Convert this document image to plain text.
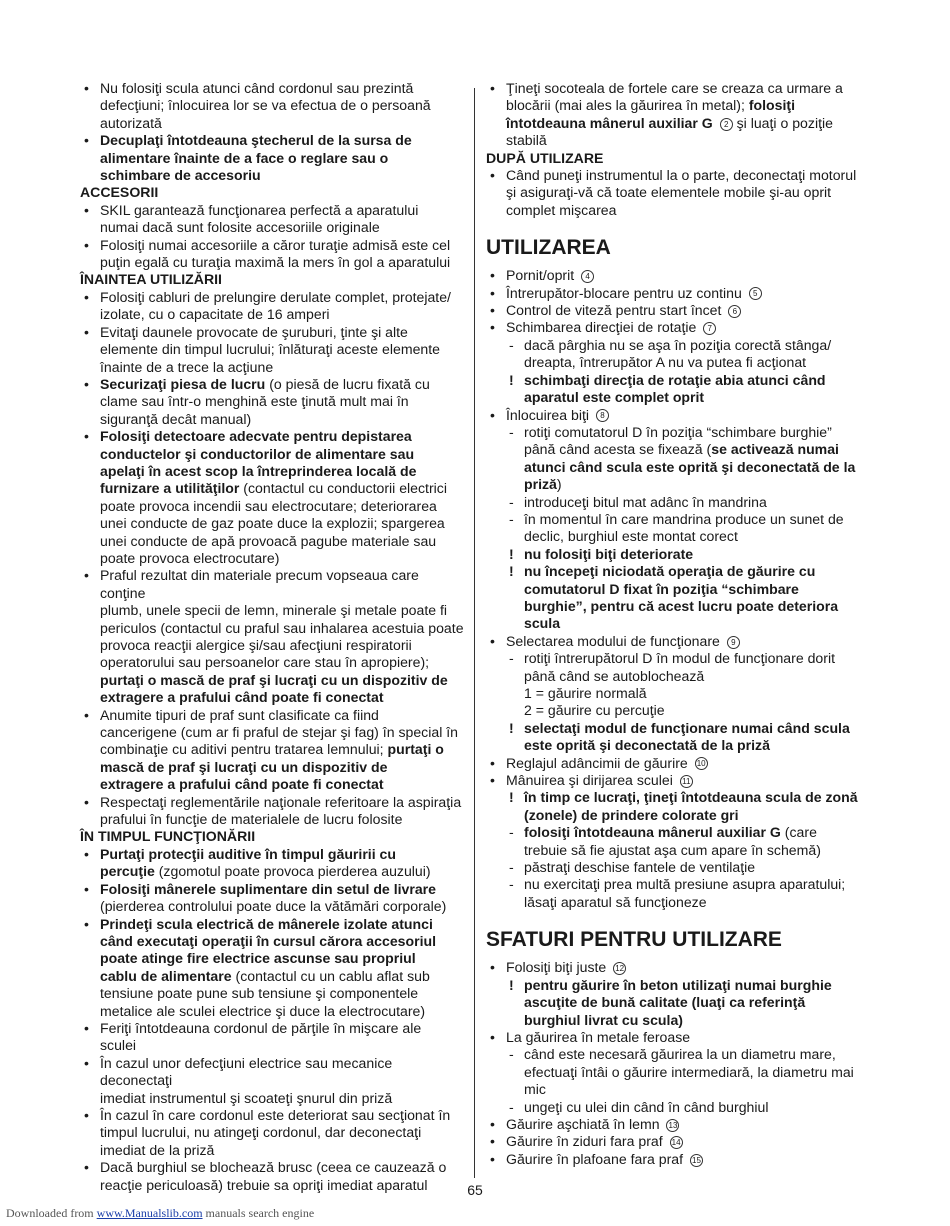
• Nu folosiţi scula atunci când cordonul sau prezintă
defecţiuni; înlocuirea lor se va efectua de o persoană
autorizată
• Decuplaţi întotdeauna ştecherul de la sursa de
alimentare înainte de a face o reglare sau o
schimbare de accesoriu
ACCESORII
• SKIL garantează funcţionarea perfectă a aparatului
numai dacă sunt folosite accesoriile originale
• Folosiţi numai accesoriile a căror turaţie admisă este cel
puţin egală cu turaţia maximă la mers în gol a aparatului
ÎNAINTEA UTILIZĂRII
• Folosiţi cabluri de prelungire derulate complet, protejate/
izolate, cu o capacitate de 16 amperi
• Evitaţi daunele provocate de şuruburi, ţinte şi alte
elemente din timpul lucrului; înlăturaţi aceste elemente
înainte de a trece la acţiune
• Securizaţi piesa de lucru (o piesă de lucru fixată cu
clame sau într-o menghină este ţinută mult mai în
siguranţă decât manual)
• Folosiţi detectoare adecvate pentru depistarea
conductelor şi conductorilor de alimentare sau
apelaţi în acest scop la întreprinderea locală de
furnizare a utilităţilor (contactul cu conductorii electrici
poate provoca incendii sau electrocutare; deteriorarea
unei conducte de gaz poate duce la explozii; spargerea
unei conducte de apă provoacă pagube materiale sau
poate provoca electrocutare)
• Praful rezultat din materiale precum vopseaua care conţine
plumb, unele specii de lemn, minerale şi metale poate fi
periculos (contactul cu praful sau inhalarea acestuia poate
provoca reacţii alergice şi/sau afecţiuni respiratorii
operatorului sau persoanelor care stau în apropiere);
purtaţi o mască de praf şi lucraţi cu un dispozitiv de
extragere a prafului când poate fi conectat
• Anumite tipuri de praf sunt clasificate ca fiind
cancerigene (cum ar fi praful de stejar şi fag) în special în
combinaţie cu aditivi pentru tratarea lemnului; purtaţi o
mască de praf şi lucraţi cu un dispozitiv de
extragere a prafului când poate fi conectat
• Respectaţi reglementările naţionale referitoare la aspiraţia
prafului în funcţie de materialele de lucru folosite
ÎN TIMPUL FUNCŢIONĂRII
• Purtaţi protecţii auditive în timpul găuririi cu
percuţie (zgomotul poate provoca pierderea auzului)
• Folosiţi mânerele suplimentare din setul de livrare
(pierderea controlului poate duce la vătămări corporale)
• Prindeţi scula electrică de mânerele izolate atunci
când executaţi operaţii în cursul cărora accesoriul
poate atinge fire electrice ascunse sau propriul
cablu de alimentare (contactul cu un cablu aflat sub
tensiune poate pune sub tensiune şi componentele
metalice ale sculei electrice şi duce la electrocutare)
• Feriţi întotdeauna cordonul de părţile în mişcare ale
sculei
• În cazul unor defecţiuni electrice sau mecanice deconectaţi
imediat instrumentul şi scoateţi şnurul din priză
• În cazul în care cordonul este deteriorat sau secţionat în
timpul lucrului, nu atingeţi cordonul, dar deconectaţi
imediat de la priză
• Dacă burghiul se blochează brusc (ceea ce cauzează o
reacţie periculoasă) trebuie sa opriţi imediat aparatul
• Ţineţi socoteala de fortele care se creaza ca urmare a
blocării (mai ales la găurirea în metal); folosiţi
întotdeauna mânerul auxiliar G 2 şi luaţi o poziţie
stabilă
DUPĂ UTILIZARE
• Când puneţi instrumentul la o parte, deconectaţi motorul
şi asiguraţi-vă că toate elementele mobile şi-au oprit
complet mişcarea
UTILIZAREA
• Pornit/oprit 4
• Întrerupător-blocare pentru uz continu 5
• Control de viteză pentru start încet 6
• Schimbarea direcţiei de rotaţie 7
- dacă pârghia nu se aşa în poziţia corectă stânga/
dreapta, întrerupător A nu va putea fi acţionat
! schimbaţi direcţia de rotaţie abia atunci când
aparatul este complet oprit
• Înlocuirea biţi 8
- rotiţi comutatorul D în poziţia “schimbare burghie”
până când acesta se fixează (se activează numai
atunci când scula este oprită şi deconectată de la
priză)
- introduceţi bitul mat adânc în mandrina
- în momentul în care mandrina produce un sunet de
declic, burghiul este montat corect
! nu folosiţi biţi deteriorate
! nu începeţi niciodată operaţia de găurire cu
comutatorul D fixat în poziţia “schimbare
burghie”, pentru că acest lucru poate deteriora
scula
• Selectarea modului de funcţionare 9
- rotiţi întrerupătorul D în modul de funcţionare dorit
până când se autoblochează
1 = găurire normală
2 = găurire cu percuţie
! selectaţi modul de funcţionare numai când scula
este oprită şi deconectată de la priză
• Reglajul adâncimii de găurire 10
• Mânuirea şi dirijarea sculei 11
! în timp ce lucraţi, ţineţi întotdeauna scula de zonă
(zonele) de prindere colorate gri
- folosiţi întotdeauna mânerul auxiliar G (care
trebuie să fie ajustat aşa cum apare în schemă)
- păstraţi deschise fantele de ventilaţie
- nu exercitaţi prea multă presiune asupra aparatului;
lăsaţi aparatul să funcţioneze
SFATURI PENTRU UTILIZARE
• Folosiţi biţi juste 12
! pentru găurire în beton utilizaţi numai burghie
ascuţite de bună calitate (luaţi ca referinţă
burghiul livrat cu scula)
• La găurirea în metale feroase
- când este necesară găurirea la un diametru mare,
efectuaţi întâi o găurire intermediară, la diametru mai
mic
- ungeţi cu ulei din când în când burghiul
• Găurire aşchiată în lemn 13
• Găurire în ziduri fara praf 14
• Găurire în plafoane fara praf 15
65
Downloaded from www.Manualslib.com manuals search engine
